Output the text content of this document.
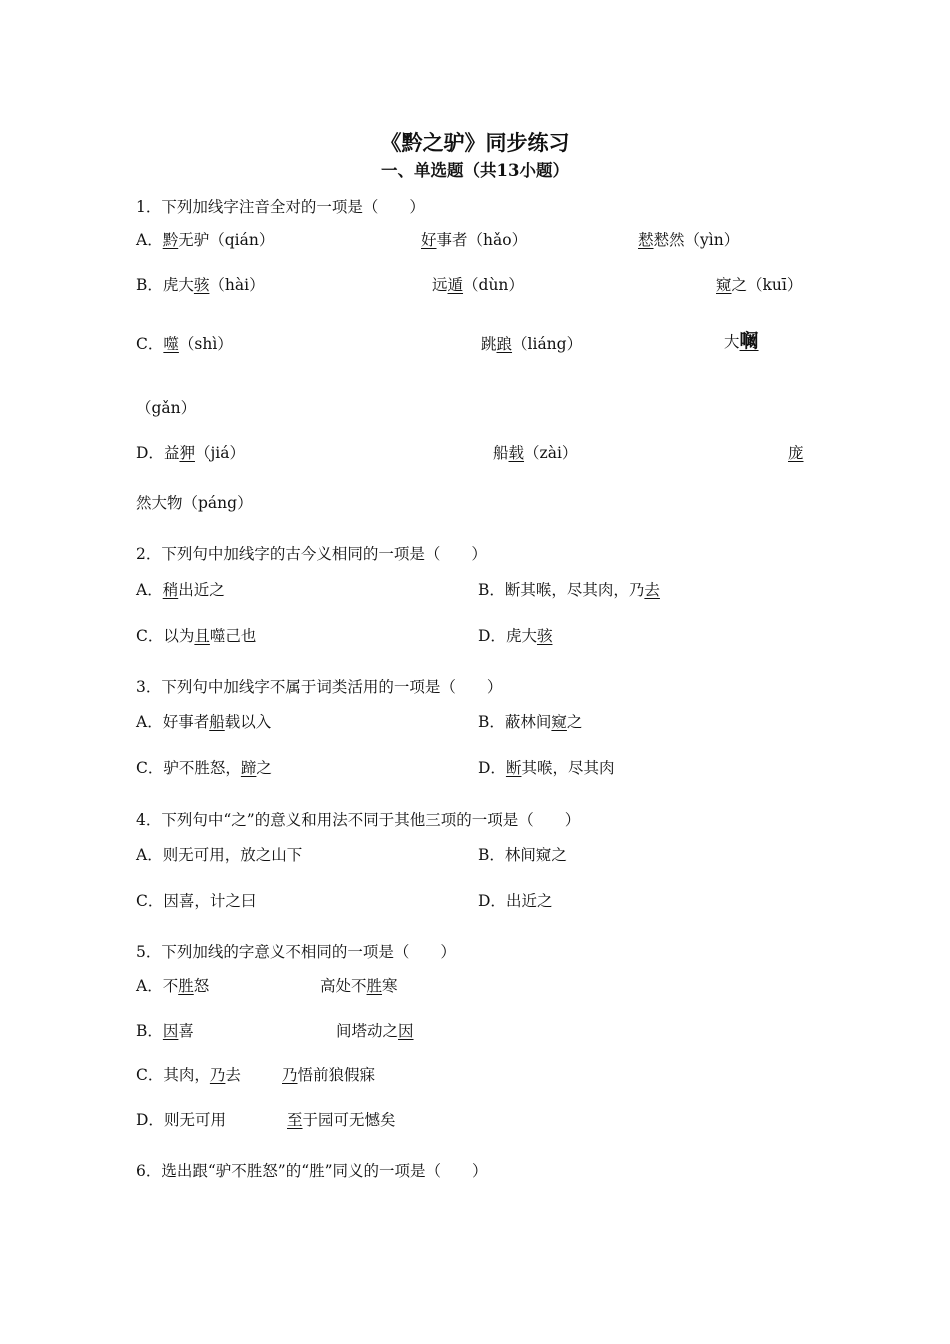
《黔之驴》同步练习
一、单选题（共13小题）
1．下列加线字注音全对的一项是（　　）
A．黔无驴（qián）	好事者（hǎo）	慭慭然（yìn）
B．虎大骇（hài）	远遁（dùn）	窥之（kuī）
C．噬（shì）	跳踉（liáng）	大㘎
（gǎn）
D．益狎（jiá）	船载（zài）	庞
然大物（páng）
2．下列句中加线字的古今义相同的一项是（　　）
A．稍出近之	B．断其喉，尽其肉，乃去
C．以为且噬己也	D．虎大骇
3．下列句中加线字不属于词类活用的一项是（　　）
A．好事者船载以入	B．蔽林间窥之
C．驴不胜怒，蹄之	D．断其喉，尽其肉
4．下列句中“之”的意义和用法不同于其他三项的一项是（　　）
A．则无可用，放之山下	B．林间窥之
C．因喜，计之曰	D．出近之
5．下列加线的字意义不相同的一项是（　　）
A．不胜怒	高处不胜寒
B．因喜	间塔动之因
C．其肉，乃去	乃悟前狼假寐
D．则无可用	至于园可无憾矣
6．选出跟“驴不胜怒”的“胜”同义的一项是（　　）
